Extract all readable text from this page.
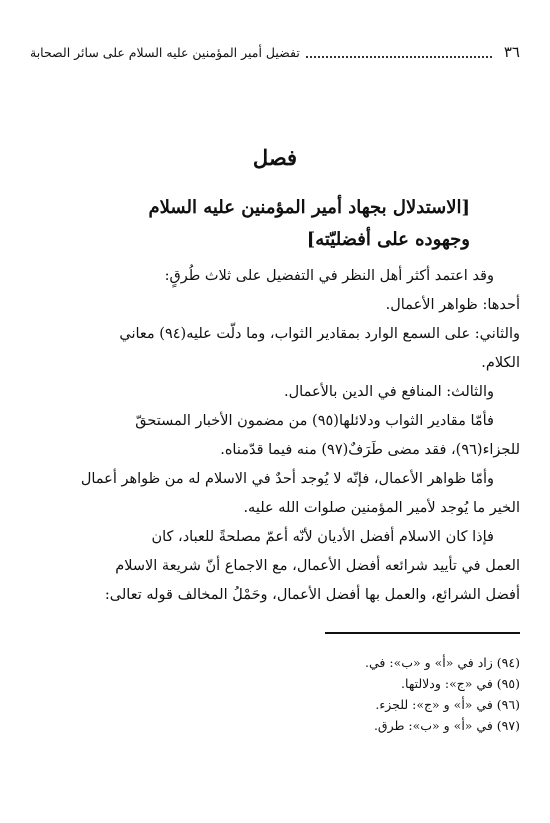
٣٦
تفضيل أمير المؤمنين عليه السلام على سائر الصحابة
فصل
[الاستدلال بجهاد أمير المؤمنين عليه السلام
وجهوده على أفضليّته]
وقد اعتمد أكثر أهل النظر في التفضيل على ثلاث طُرقٍ:
أحدها: ظواهر الأعمال.
والثاني: على السمع الوارد بمقادير الثواب، وما دلّت عليه(٩٤) معاني
الكلام.
والثالث: المنافع في الدين بالأعمال.
فأمّا مقادير الثواب ودلائلها(٩٥) من مضمون الأخبار المستحقّ
للجزاء(٩٦)، فقد مضى طَرَفٌ(٩٧) منه فيما قدّمناه.
وأمّا ظواهر الأعمال، فإنّه لا يُوجد أحدٌ في الاسلام له من ظواهر أعمال
الخير ما يُوجد لأمير المؤمنين صلوات الله عليه.
فإذا كان الاسلام أفضل الأديان لأنّه أعمّ مصلحةً للعباد، كان
العمل في تأييد شرائعه أفضل الأعمال، مع الاجماع أنّ شريعة الاسلام
أفضل الشرائع، والعمل بها أفضل الأعمال، وحَمْلُ المخالف قوله تعالى:
(٩٤) زاد في «أ» و «ب»: في.
(٩٥) في «ج»: ودلالتها.
(٩٦) في «أ» و «ج»: للجزء.
(٩٧) في «أ» و «ب»: طرق.
